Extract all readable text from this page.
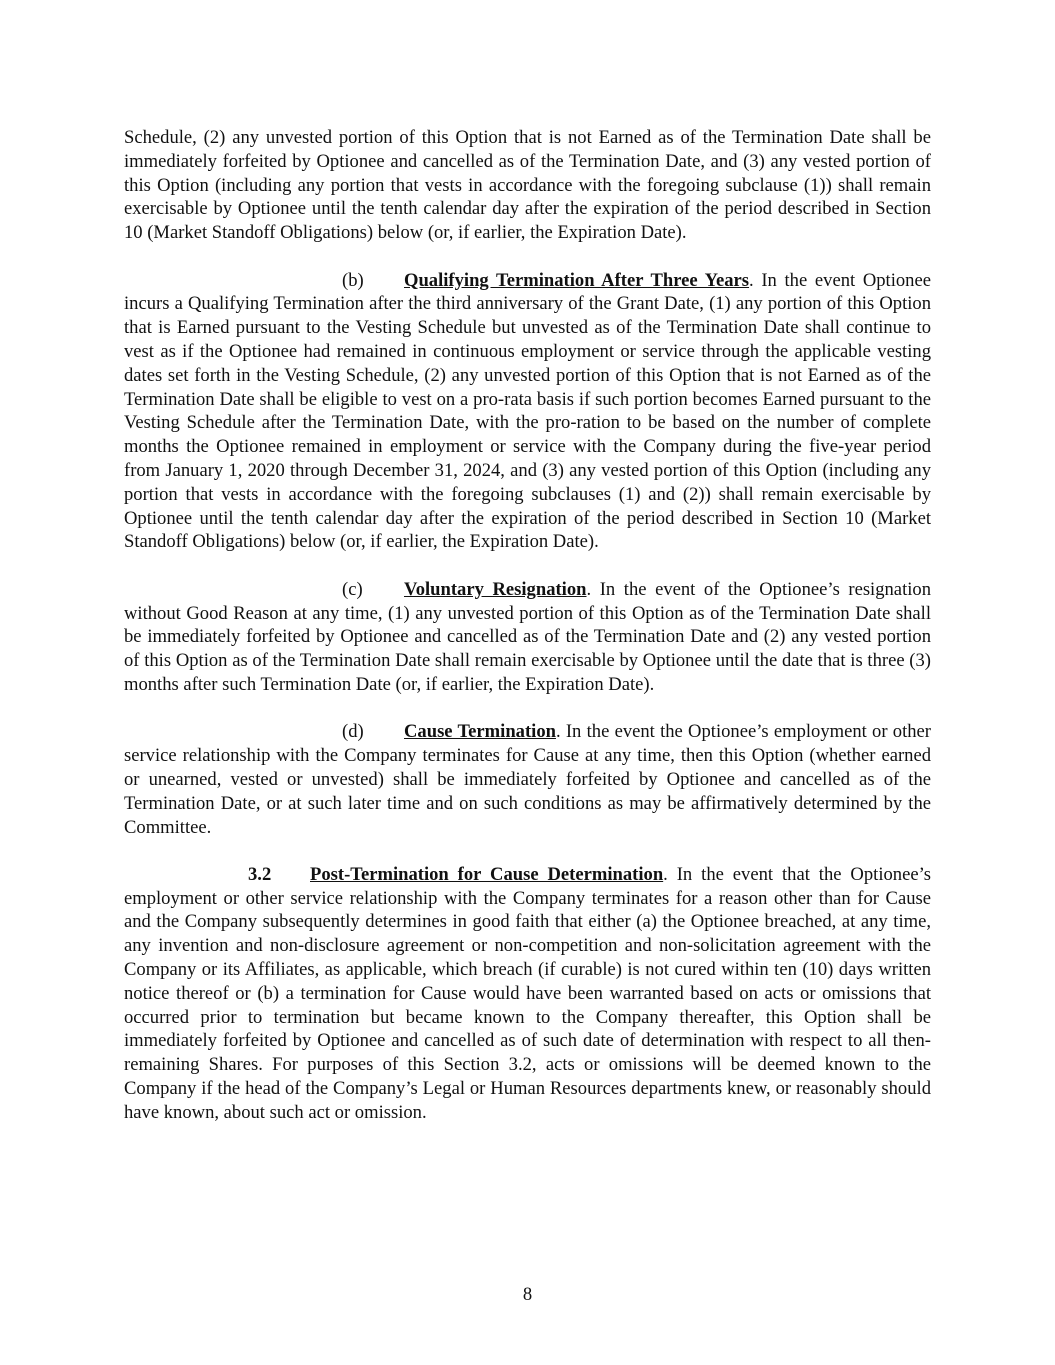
Schedule, (2) any unvested portion of this Option that is not Earned as of the Termination Date shall be immediately forfeited by Optionee and cancelled as of the Termination Date, and (3) any vested portion of this Option (including any portion that vests in accordance with the foregoing subclause (1)) shall remain exercisable by Optionee until the tenth calendar day after the expiration of the period described in Section 10 (Market Standoff Obligations) below (or, if earlier, the Expiration Date).

(b) Qualifying Termination After Three Years. In the event Optionee incurs a Qualifying Termination after the third anniversary of the Grant Date, (1) any portion of this Option that is Earned pursuant to the Vesting Schedule but unvested as of the Termination Date shall continue to vest as if the Optionee had remained in continuous employment or service through the applicable vesting dates set forth in the Vesting Schedule, (2) any unvested portion of this Option that is not Earned as of the Termination Date shall be eligible to vest on a pro-rata basis if such portion becomes Earned pursuant to the Vesting Schedule after the Termination Date, with the pro-ration to be based on the number of complete months the Optionee remained in employment or service with the Company during the five-year period from January 1, 2020 through December 31, 2024, and (3) any vested portion of this Option (including any portion that vests in accordance with the foregoing subclauses (1) and (2)) shall remain exercisable by Optionee until the tenth calendar day after the expiration of the period described in Section 10 (Market Standoff Obligations) below (or, if earlier, the Expiration Date).

(c) Voluntary Resignation. In the event of the Optionee’s resignation without Good Reason at any time, (1) any unvested portion of this Option as of the Termination Date shall be immediately forfeited by Optionee and cancelled as of the Termination Date and (2) any vested portion of this Option as of the Termination Date shall remain exercisable by Optionee until the date that is three (3) months after such Termination Date (or, if earlier, the Expiration Date).

(d) Cause Termination. In the event the Optionee’s employment or other service relationship with the Company terminates for Cause at any time, then this Option (whether earned or unearned, vested or unvested) shall be immediately forfeited by Optionee and cancelled as of the Termination Date, or at such later time and on such conditions as may be affirmatively determined by the Committee.

3.2 Post-Termination for Cause Determination. In the event that the Optionee’s employment or other service relationship with the Company terminates for a reason other than for Cause and the Company subsequently determines in good faith that either (a) the Optionee breached, at any time, any invention and non-disclosure agreement or non-competition and non-solicitation agreement with the Company or its Affiliates, as applicable, which breach (if curable) is not cured within ten (10) days written notice thereof or (b) a termination for Cause would have been warranted based on acts or omissions that occurred prior to termination but became known to the Company thereafter, this Option shall be immediately forfeited by Optionee and cancelled as of such date of determination with respect to all then-remaining Shares. For purposes of this Section 3.2, acts or omissions will be deemed known to the Company if the head of the Company’s Legal or Human Resources departments knew, or reasonably should have known, about such act or omission.

8
